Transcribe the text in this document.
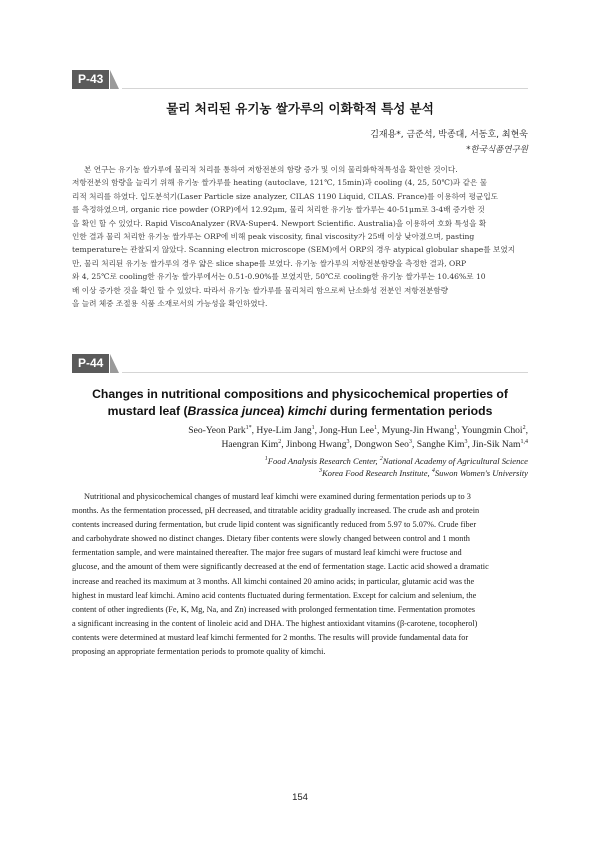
P-43
물리 처리된 유기농 쌀가루의 이화학적 특성 분석
김재용*, 금준석, 박종대, 서동호, 최현욱
*한국식품연구원

본 연구는 유기농 쌀가루에 물리적 처리를 통하여 저항전분의 함량 증가 및 이의 물리화학적특성을 확인한 것이다.
저항전분의 함량을 늘리기 위해 유기농 쌀가루를 heating (autoclave, 121℃, 15min)과 cooling (4, 25, 50℃)과 같은 물
리적 처리를 하였다. 입도분석기(Laser Particle size analyzer, CILAS 1190 Liquid, CILAS. France)를 이용하여 평균입도
를 측정하였으며, organic rice powder (ORP)에서 12.92μm, 물리 처리한 유기농 쌀가루는 40-51μm로 3-4배 증가한 것
을 확인 할 수 있었다. Rapid ViscoAnalyzer (RVA-Super4. Newport Scientific. Australia)을 이용하여 호화 특성을 확
인한 결과 물리 처리한 유기농 쌀가루는 ORP에 비해 peak viscosity, final viscosity가 25배 이상 낮아졌으며, pasting
temperature는 관찰되지 않았다. Scanning electron microscope (SEM)에서 ORP의 경우 atypical globular shape를 보였지
만, 물리 처리된 유기농 쌀가루의 경우 얇은 slice shape를 보였다. 유기농 쌀가루의 저항전분함량을 측정한 결과, ORP
와 4, 25℃로 cooling한 유기농 쌀가루에서는 0.51-0.90%를 보였지만, 50℃로 cooling한 유기농 쌀가루는 10.46%로 10
배 이상 증가한 것을 확인 할 수 있었다. 따라서 유기농 쌀가루를 물리처리 함으로써 난소화성 전분인 저항전분함량
을 늘려 체중 조절용 식품 소재로서의 가능성을 확인하였다.

P-44
Changes in nutritional compositions and physicochemical properties of
mustard leaf (Brassica juncea) kimchi during fermentation periods
Seo-Yeon Park$^{1*}$, Hye-Lim Jang$^1$, Jong-Hun Lee$^1$, Myung-Jin Hwang$^1$, Youngmin Choi$^2$,
Haengran Kim$^2$, Jinbong Hwang$^3$, Dongwon Seo$^3$, Sanghe Kim$^3$, Jin-Sik Nam$^{1,4}$
$^1$Food Analysis Research Center, $^2$National Academy of Agricultural Science
$^3$Korea Food Research Institute, $^4$Suwon Women's University

Nutritional and physicochemical changes of mustard leaf kimchi were examined during fermentation periods up to 3
months. As the fermentation processed, pH decreased, and titratable acidity gradually increased. The crude ash and protein
contents increased during fermentation, but crude lipid content was significantly reduced from 5.97 to 5.07%. Crude fiber
and carbohydrate showed no distinct changes. Dietary fiber contents were slowly changed between control and 1 month
fermentation sample, and were maintained thereafter. The major free sugars of mustard leaf kimchi were fructose and
glucose, and the amount of them were significantly decreased at the end of fermentation stage. Lactic acid showed a dramatic
increase and reached its maximum at 3 months. All kimchi contained 20 amino acids; in particular, glutamic acid was the
highest in mustard leaf kimchi. Amino acid contents fluctuated during fermentation. Except for calcium and selenium, the
content of other ingredients (Fe, K, Mg, Na, and Zn) increased with prolonged fermentation time. Fermentation promotes
a significant increasing in the content of linoleic acid and DHA. The highest antioxidant vitamins (β-carotene, tocopherol)
contents were determined at mustard leaf kimchi fermented for 2 months. The results will provide fundamental data for
proposing an appropriate fermentation periods to promote quality of kimchi.

154
